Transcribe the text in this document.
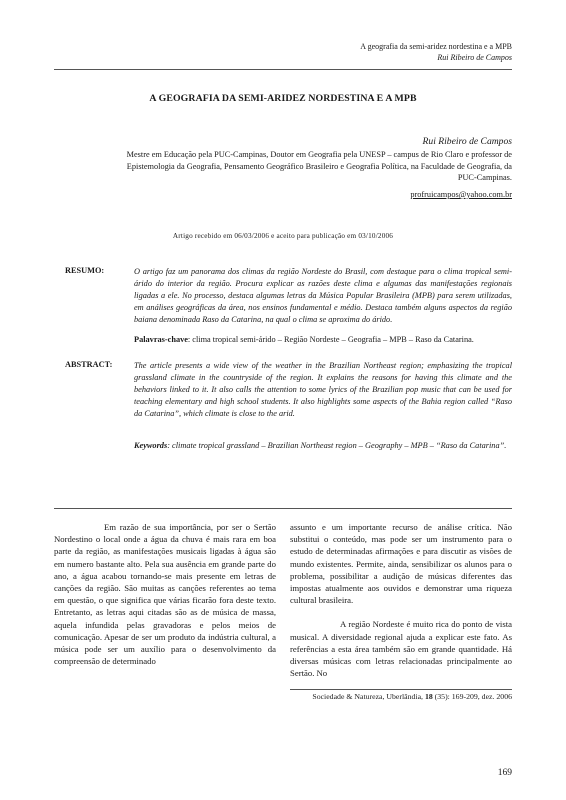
A geografia da semi-aridez nordestina e a MPB
Rui Ribeiro de Campos
A GEOGRAFIA DA SEMI-ARIDEZ NORDESTINA E A MPB
Rui Ribeiro de Campos
Mestre em Educação pela PUC-Campinas, Doutor em Geografia pela UNESP – campus de Rio Claro e professor de
Epistemologia da Geografia, Pensamento Geográfico Brasileiro e Geografia Política, na Faculdade de Geografia, da
PUC-Campinas.
profruicampos@yahoo.com.br
Artigo recebido em 06/03/2006 e aceito para publicação em 03/10/2006
RESUMO:	O artigo faz um panorama dos climas da região Nordeste do Brasil, com destaque para o clima tropical semi-árido do interior da região. Procura explicar as razões deste clima e algumas das manifestações regionais ligadas a ele. No processo, destaca algumas letras da Música Popular Brasileira (MPB) para serem utilizadas, em análises geográficas da área, nos ensinos fundamental e médio. Destaca também alguns aspectos da região baiana denominada Raso da Catarina, na qual o clima se aproxima do árido.
Palavras-chave: clima tropical semi-árido – Região Nordeste – Geografia – MPB – Raso da Catarina.
ABSTRACT:	The article presents a wide view of the weather in the Brazilian Northeast region; emphasizing the tropical grassland climate in the countryside of the region. It explains the reasons for having this climate and the behaviors linked to it. It also calls the attention to some lyrics of the Brazilian pop music that can be used for teaching elementary and high school students. It also highlights some aspects of the Bahia region called “Raso da Catarina”, which climate is close to the arid.
Keywords: climate tropical grassland – Brazilian Northeast region – Geography – MPB – “Raso da Catarina”.

Em razão de sua importância, por ser o Sertão Nordestino o local onde a água da chuva é mais rara em boa parte da região, as manifestações musicais ligadas à água são em numero bastante alto. Pela sua ausência em grande parte do ano, a água acabou tornando-se mais presente em letras de canções da região. São muitas as canções referentes ao tema em questão, o que significa que várias ficarão fora deste texto. Entretanto, as letras aqui citadas são as de música de massa, aquela infundida pelas gravadoras e pelos meios de comunicação. Apesar de ser um produto da indústria cultural, a música pode ser um auxílio para o desenvolvimento da compreensão de determinado

assunto e um importante recurso de análise crítica. Não substitui o conteúdo, mas pode ser um instrumento para o estudo de determinadas afirmações e para discutir as visões de mundo existentes. Permite, ainda, sensibilizar os alunos para o problema, possibilitar a audição de músicas diferentes das impostas atualmente aos ouvidos e demonstrar uma riqueza cultural brasileira.

A região Nordeste é muito rica do ponto de vista musical. A diversidade regional ajuda a explicar este fato. As referências a esta área também são em grande quantidade. Há diversas músicas com letras relacionadas principalmente ao Sertão. No

Sociedade & Natureza, Uberlândia, 18 (35): 169-209, dez. 2006
169
